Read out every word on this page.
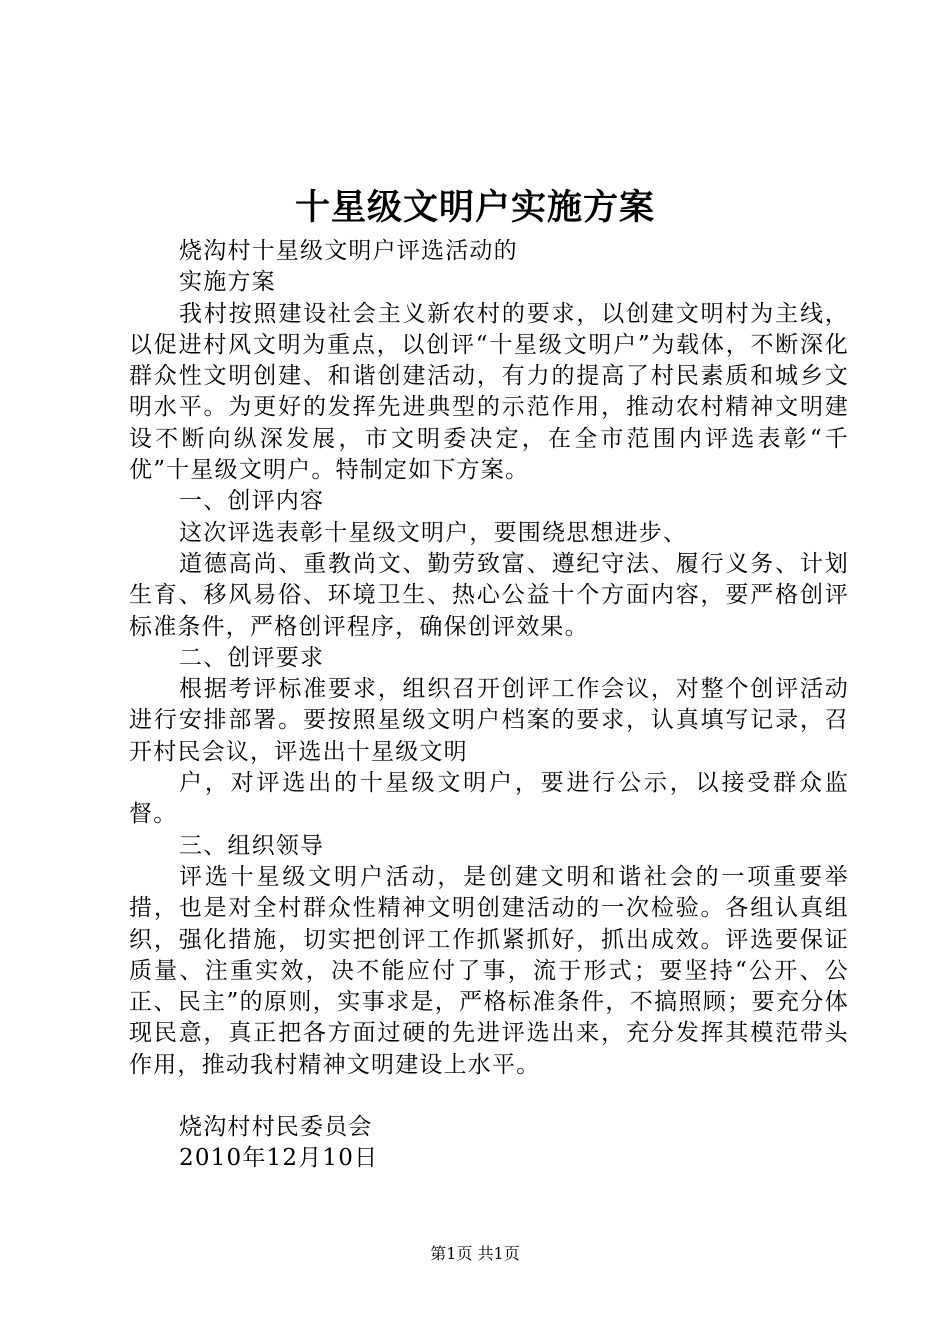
十星级文明户实施方案

烧沟村十星级文明户评选活动的

实施方案

我村按照建设社会主义新农村的要求，以创建文明村为主线，以促进村风文明为重点，以创评“十星级文明户”为载体，不断深化群众性文明创建、和谐创建活动，有力的提高了村民素质和城乡文明水平。为更好的发挥先进典型的示范作用，推动农村精神文明建设不断向纵深发展，市文明委决定，在全市范围内评选表彰“千优”十星级文明户。特制定如下方案。

一、创评内容

这次评选表彰十星级文明户，要围绕思想进步、

道德高尚、重教尚文、勤劳致富、遵纪守法、履行义务、计划生育、移风易俗、环境卫生、热心公益十个方面内容，要严格创评标准条件，严格创评程序，确保创评效果。

二、创评要求

根据考评标准要求，组织召开创评工作会议，对整个创评活动进行安排部署。要按照星级文明户档案的要求，认真填写记录，召开村民会议，评选出十星级文明

户，对评选出的十星级文明户，要进行公示，以接受群众监督。

三、组织领导

评选十星级文明户活动，是创建文明和谐社会的一项重要举措，也是对全村群众性精神文明创建活动的一次检验。各组认真组织，强化措施，切实把创评工作抓紧抓好，抓出成效。评选要保证质量、注重实效，决不能应付了事，流于形式；要坚持“公开、公正、民主”的原则，实事求是，严格标准条件，不搞照顾；要充分体现民意，真正把各方面过硬的先进评选出来，充分发挥其模范带头作用，推动我村精神文明建设上水平。

烧沟村村民委员会

2010年12月10日

第1页 共1页
